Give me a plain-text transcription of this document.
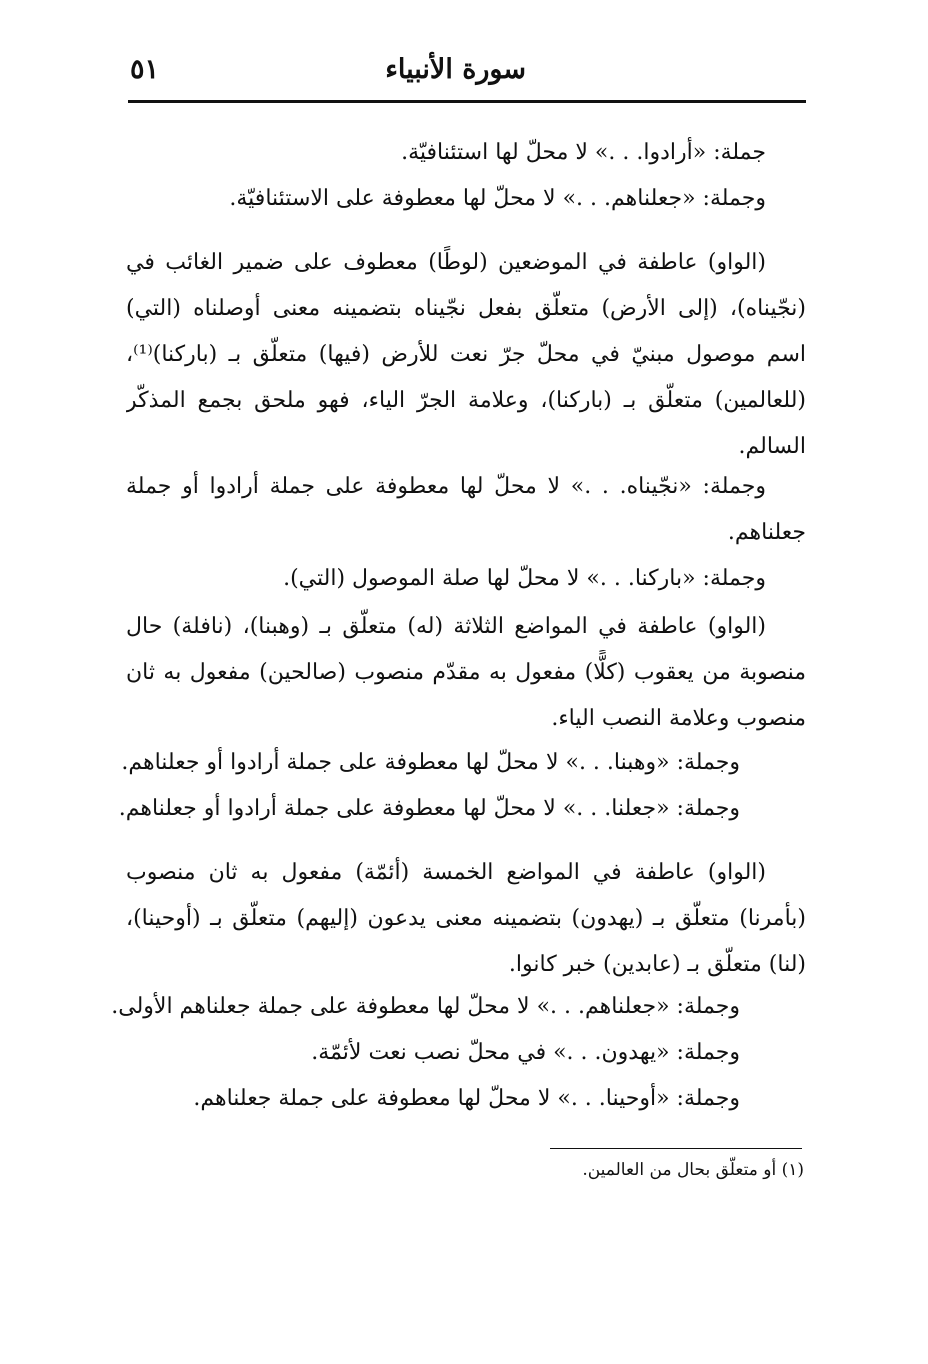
سورة الأنبياء
٥١
جملة: «أرادوا. . .» لا محلّ لها استئنافيّة.
وجملة: «جعلناهم. . .» لا محلّ لها معطوفة على الاستئنافيّة.
(الواو) عاطفة في الموضعين (لوطًا) معطوف على ضمير الغائب في
(نجّيناه)، (إلى الأرض) متعلّق بفعل نجّيناه بتضمينه معنى أوصلناه (التي)
اسم موصول مبنيّ في محلّ جرّ نعت للأرض (فيها) متعلّق بـ (باركنا)⁽¹⁾،
(للعالمين) متعلّق بـ (باركنا)، وعلامة الجرّ الياء، فهو ملحق بجمع المذكّر
السالم.
وجملة: «نجّيناه. . .» لا محلّ لها معطوفة على جملة أرادوا أو جملة
جعلناهم.
وجملة: «باركنا. . .» لا محلّ لها صلة الموصول (التي).
(الواو) عاطفة في المواضع الثلاثة (له) متعلّق بـ (وهبنا)، (نافلة) حال
منصوبة من يعقوب (كلًّا) مفعول به مقدّم منصوب (صالحين) مفعول به ثان
منصوب وعلامة النصب الياء.
وجملة: «وهبنا. . .» لا محلّ لها معطوفة على جملة أرادوا أو جعلناهم.
وجملة: «جعلنا. . .» لا محلّ لها معطوفة على جملة أرادوا أو جعلناهم.
(الواو) عاطفة في المواضع الخمسة (أئمّة) مفعول به ثان منصوب
(بأمرنا) متعلّق بـ (يهدون) بتضمينه معنى يدعون (إليهم) متعلّق بـ (أوحينا)،
(لنا) متعلّق بـ (عابدين) خبر كانوا.
وجملة: «جعلناهم. . .» لا محلّ لها معطوفة على جملة جعلناهم الأولى.
وجملة: «يهدون. . .» في محلّ نصب نعت لأئمّة.
وجملة: «أوحينا. . .» لا محلّ لها معطوفة على جملة جعلناهم.
(١) أو متعلّق بحال من العالمين.
